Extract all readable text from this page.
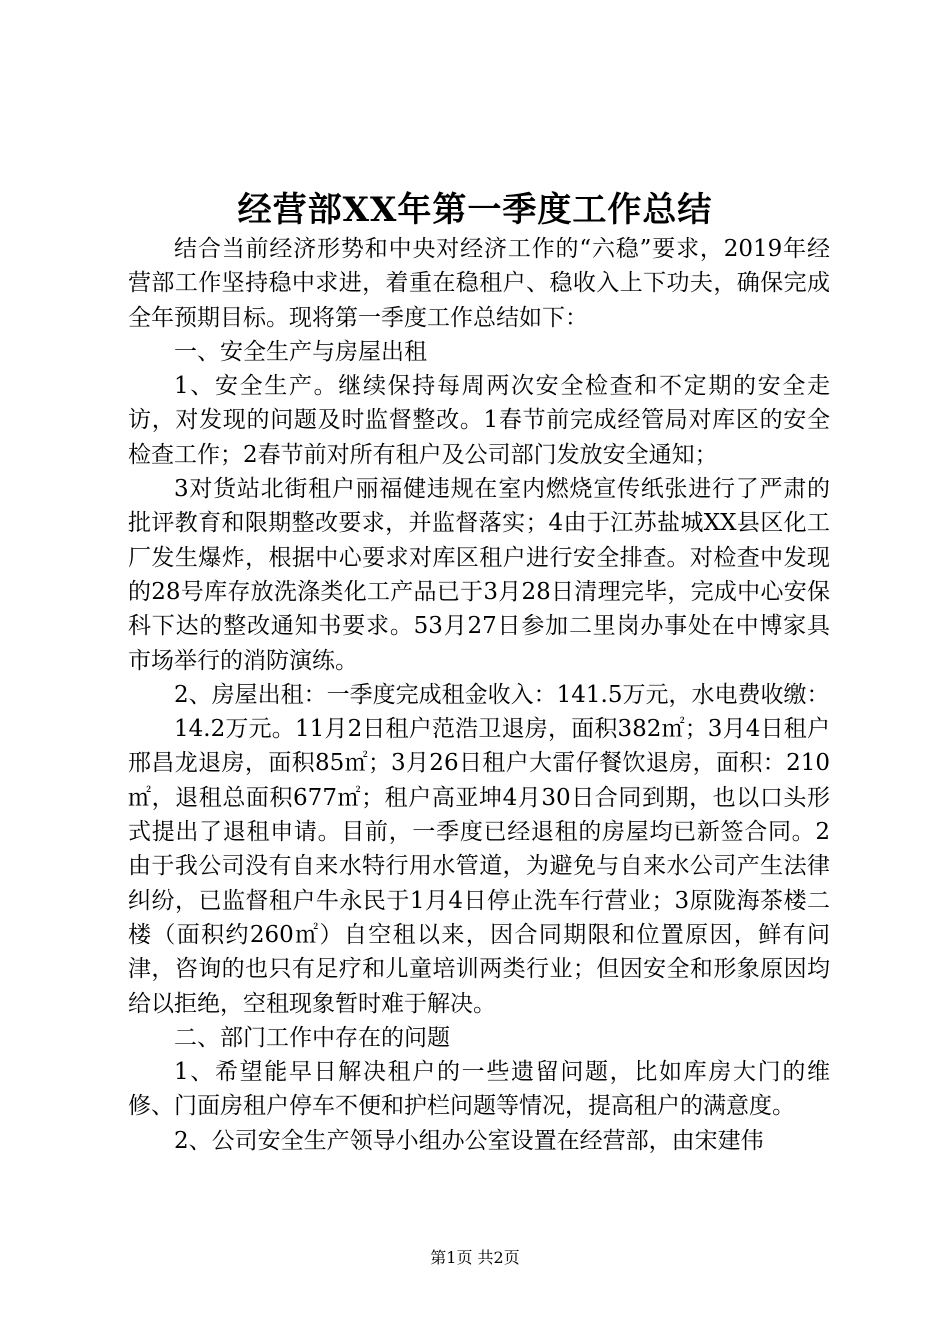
经营部XX年第一季度工作总结

结合当前经济形势和中央对经济工作的“六稳”要求，2019年经营部工作坚持稳中求进，着重在稳租户、稳收入上下功夫，确保完成全年预期目标。现将第一季度工作总结如下：

一、安全生产与房屋出租

1、安全生产。继续保持每周两次安全检查和不定期的安全走访，对发现的问题及时监督整改。1春节前完成经管局对库区的安全检查工作；2春节前对所有租户及公司部门发放安全通知；

3对货站北街租户丽福健违规在室内燃烧宣传纸张进行了严肃的批评教育和限期整改要求，并监督落实；4由于江苏盐城XX县区化工厂发生爆炸，根据中心要求对库区租户进行安全排查。对检查中发现的28号库存放洗涤类化工产品已于3月28日清理完毕，完成中心安保科下达的整改通知书要求。53月27日参加二里岗办事处在中博家具市场举行的消防演练。

2、房屋出租：一季度完成租金收入：141.5万元，水电费收缴：

14.2万元。11月2日租户范浩卫退房，面积382㎡；3月4日租户邢昌龙退房，面积85㎡；3月26日租户大雷仔餐饮退房，面积：210㎡，退租总面积677㎡；租户高亚坤4月30日合同到期，也以口头形式提出了退租申请。目前，一季度已经退租的房屋均已新签合同。2由于我公司没有自来水特行用水管道，为避免与自来水公司产生法律纠纷，已监督租户牛永民于1月4日停止洗车行营业；3原陇海茶楼二楼（面积约260㎡）自空租以来，因合同期限和位置原因，鲜有问津，咨询的也只有足疗和儿童培训两类行业；但因安全和形象原因均给以拒绝，空租现象暂时难于解决。

二、部门工作中存在的问题

1、希望能早日解决租户的一些遗留问题，比如库房大门的维修、门面房租户停车不便和护栏问题等情况，提高租户的满意度。

2、公司安全生产领导小组办公室设置在经营部，由宋建伟

第1页 共2页
